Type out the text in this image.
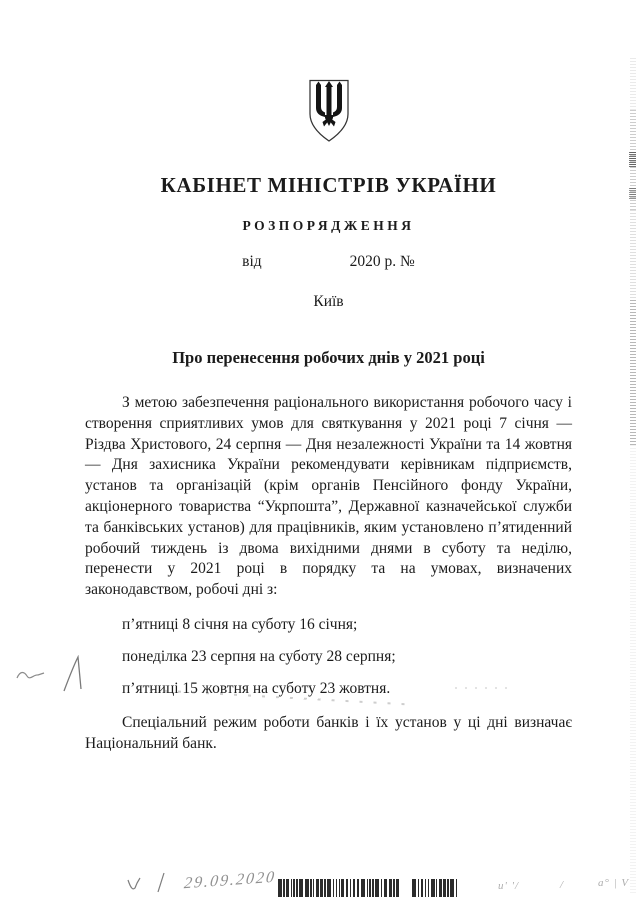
КАБІНЕТ МІНІСТРІВ УКРАЇНИ
РОЗПОРЯДЖЕННЯ
від	2020 р. №
Київ
Про перенесення робочих днів у 2021 році
З метою забезпечення раціонального використання робочого часу і створення сприятливих умов для святкування у 2021 році 7 січня — Різдва Христового, 24 серпня — Дня незалежності України та 14 жовтня — Дня захисника України рекомендувати керівникам підприємств, установ та організацій (крім органів Пенсійного фонду України, акціонерного товариства “Укрпошта”, Державної казначейської служби та банківських установ) для працівників, яким установлено п’ятиденний робочий тиждень із двома вихідними днями в суботу та неділю, перенести у 2021 році в порядку та на умовах, визначених законодавством, робочі дні з:
п’ятниці 8 січня на суботу 16 січня;
понеділка 23 серпня на суботу 28 серпня;
п’ятниці 15 жовтня на суботу 23 жовтня.
Спеціальний режим роботи банків і їх установ у ці дні визначає Національний банк.
29.09.2020	u' '/	/	a° | V
